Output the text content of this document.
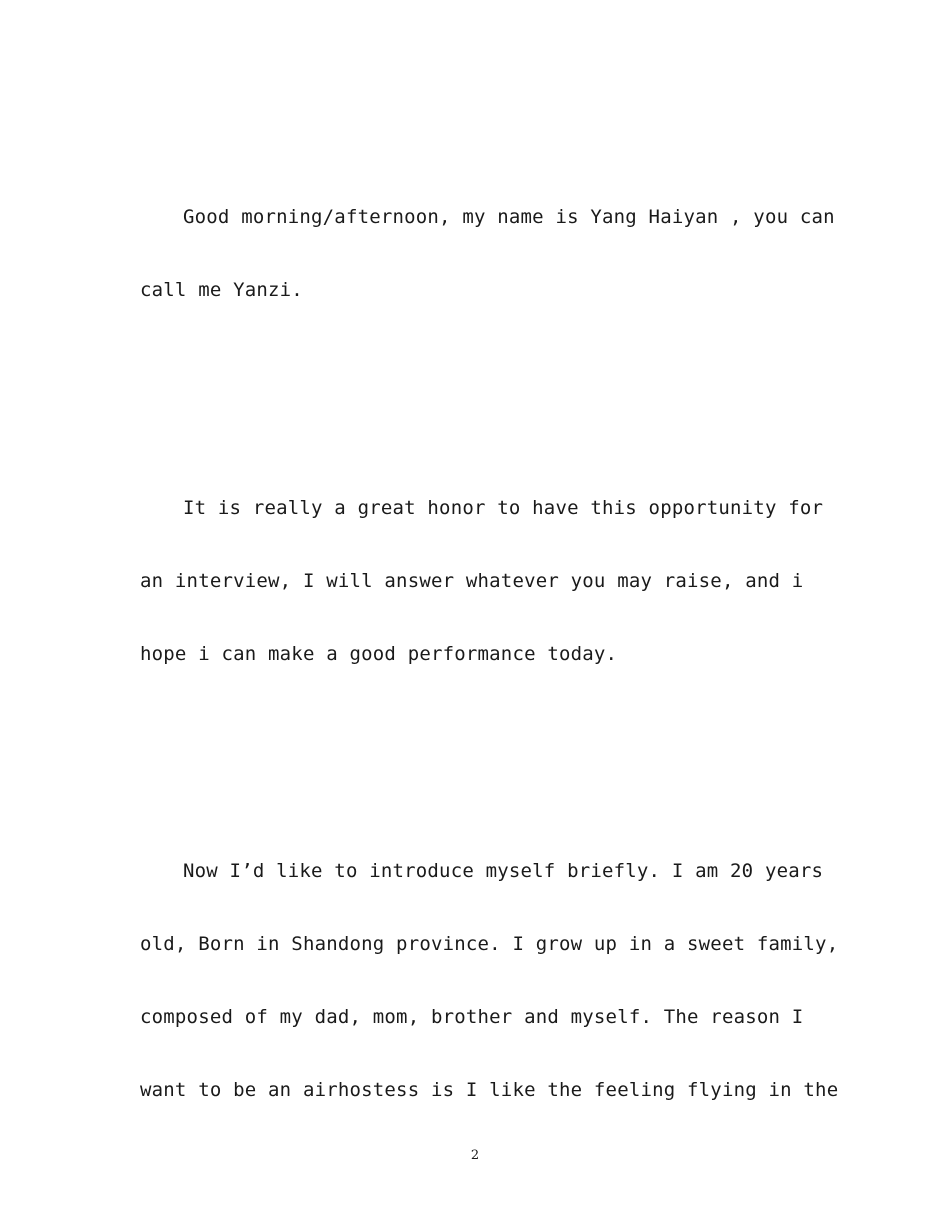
Good morning/afternoon, my name is Yang Haiyan , you can
call me Yanzi.
It is really a great honor to have this opportunity for
an interview, I will answer whatever you may raise, and i
hope i can make a good performance today.
Now I’d like to introduce myself briefly. I am 20 years
old, Born in Shandong province. I grow up in a sweet family,
composed of my dad, mom, brother and myself. The reason I
want to be an airhostess is I like the feeling flying in the
2
